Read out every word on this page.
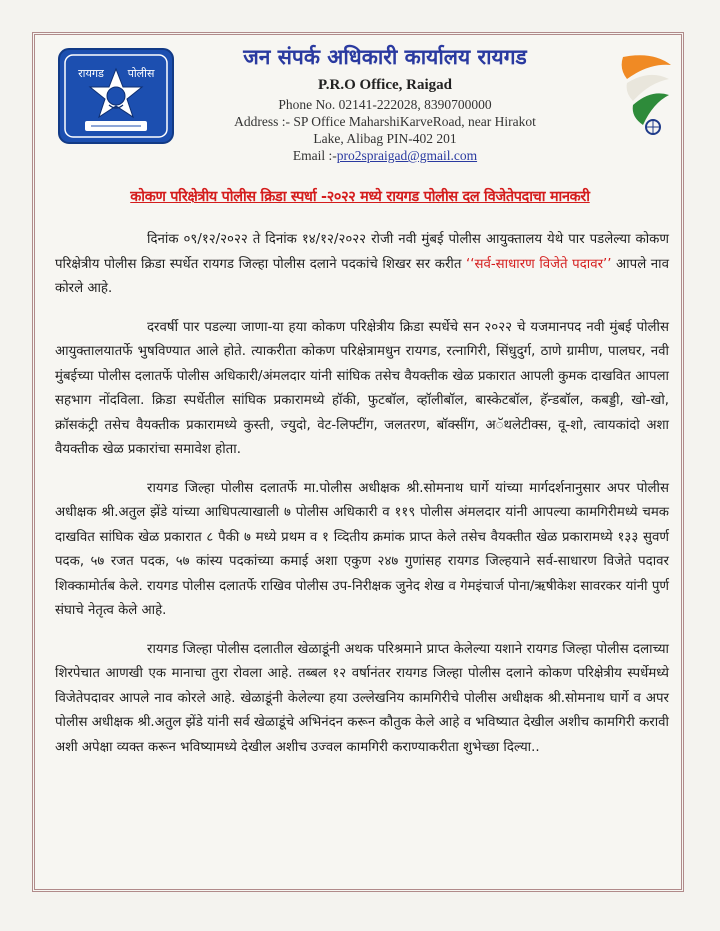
रायगड पोलीस
जन संपर्क अधिकारी कार्यालय रायगड
P.R.O Office, Raigad
Phone No. 02141-222028, 8390700000
Address :- SP Office MaharshiKarveRoad, near Hirakot
Lake, Alibag PIN-402 201
Email :-pro2spraigad@gmail.com
कोकण परिक्षेत्रीय पोलीस क्रिडा स्पर्धा -२०२२ मध्ये रायगड पोलीस दल विजेतेपदाचा मानकरी

दिनांक ०९/१२/२०२२ ते दिनांक १४/१२/२०२२ रोजी नवी मुंबई पोलीस आयुक्तालय येथे पार पडलेल्या कोकण परिक्षेत्रीय पोलीस क्रिडा स्पर्धेत रायगड जिल्हा पोलीस दलाने पदकांचे शिखर सर करीत ‘‘सर्व-साधारण विजेते पदावर’’ आपले नाव कोरले आहे.

दरवर्षी पार पडल्या जाणा-या हया कोकण परिक्षेत्रीय क्रिडा स्पर्धेचे सन २०२२ चे यजमानपद नवी मुंबई पोलीस आयुक्तालयातर्फे भुषविण्यात आले होते. त्याकरीता कोकण परिक्षेत्रामधुन रायगड, रत्नागिरी, सिंधुदुर्ग, ठाणे ग्रामीण, पालघर, नवी मुंबईच्या पोलीस दलातर्फे पोलीस अधिकारी/अंमलदार यांनी सांघिक तसेच वैयक्तीक खेळ प्रकारात आपली कुमक दाखवित आपला सहभाग नोंदविला. क्रिडा स्पर्धेतील सांघिक प्रकारामध्ये हॉकी, फुटबॉल, व्हॉलीबॉल, बास्केटबॉल, हॅन्डबॉल, कबड्डी, खो-खो, क्रॉसकंट्री तसेच वैयक्तीक प्रकारामध्ये कुस्ती, ज्युदो, वेट-लिफ्टींग, जलतरण, बॉक्सींग, अॅथलेटीक्स, वू-शो, त्वायकांदो अशा वैयक्तीक खेळ प्रकारांचा समावेश होता.

रायगड जिल्हा पोलीस दलातर्फे मा.पोलीस अधीक्षक श्री.सोमनाथ घार्गे यांच्या मार्गदर्शनानुसार अपर पोलीस अधीक्षक श्री.अतुल झेंडे यांच्या आधिपत्याखाली ७ पोलीस अधिकारी व ११९ पोलीस अंमलदार यांनी आपल्या कामगिरीमध्ये चमक दाखवित सांघिक खेळ प्रकारात ८ पैकी ७ मध्ये प्रथम व १ व्दितीय क्रमांक प्राप्त केले तसेच वैयक्तीत खेळ प्रकारामध्ये १३३ सुवर्ण पदक, ५७ रजत पदक, ५७ कांस्य पदकांच्या कमाई अशा एकुण २४७ गुणांसह रायगड जिल्हयाने सर्व-साधारण विजेते पदावर शिक्कामोर्तब केले. रायगड पोलीस दलातर्फे राखिव पोलीस उप-निरीक्षक जुनेद शेख व गेमइंचार्ज पोना/ऋषीकेश सावरकर यांनी पुर्ण संघाचे नेतृत्व केले आहे.

रायगड जिल्हा पोलीस दलातील खेळाडूंनी अथक परिश्रमाने प्राप्त केलेल्या यशाने रायगड जिल्हा पोलीस दलाच्या शिरपेचात आणखी एक मानाचा तुरा रोवला आहे. तब्बल १२ वर्षानंतर रायगड जिल्हा पोलीस दलाने कोकण परिक्षेत्रीय स्पर्धेमध्ये विजेतेपदावर आपले नाव कोरले आहे. खेळाडूंनी केलेल्या हया उल्लेखनिय कामगिरीचे पोलीस अधीक्षक श्री.सोमनाथ घार्गे व अपर पोलीस अधीक्षक श्री.अतुल झेंडे यांनी सर्व खेळाडूंचे अभिनंदन करून कौतुक केले आहे व भविष्यात देखील अशीच कामगिरी करावी अशी अपेक्षा व्यक्त करून भविष्यामध्ये देखील अशीच उज्वल कामगिरी कराण्याकरीता शुभेच्छा दिल्या..
